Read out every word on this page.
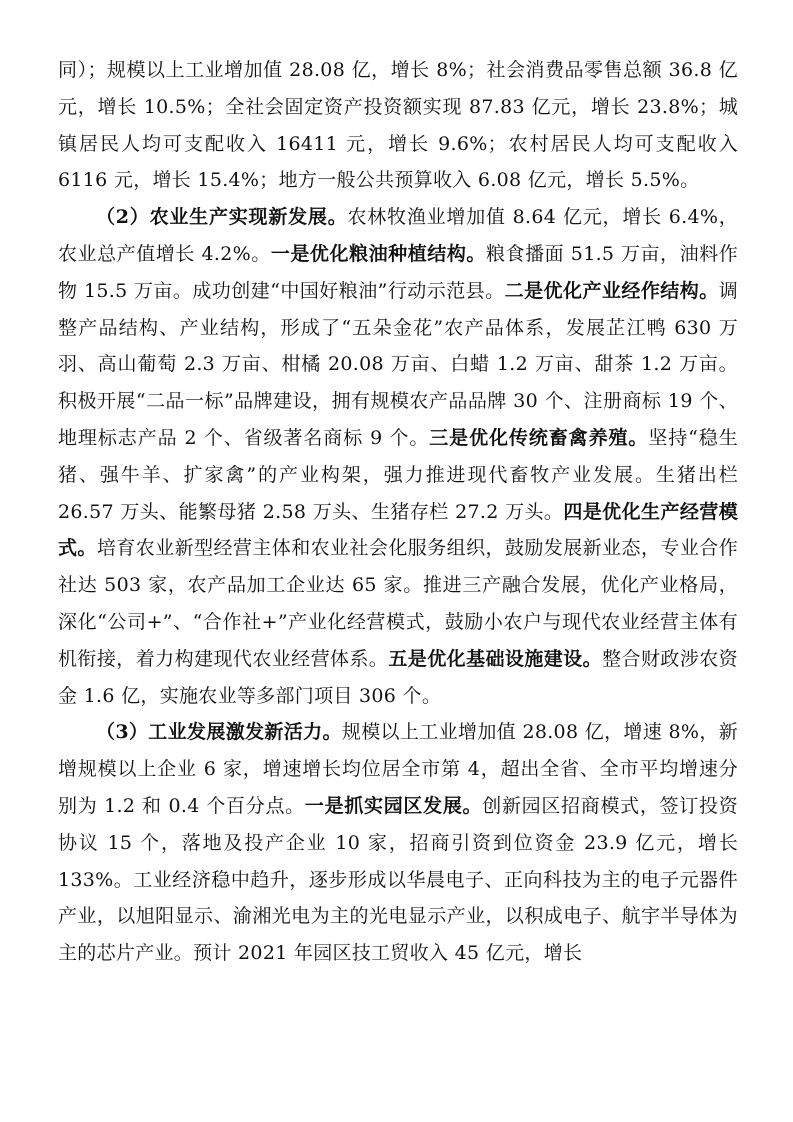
同）；规模以上工业增加值 28.08 亿，增长 8%；社会消费品零售总额 36.8 亿元，增长 10.5%；全社会固定资产投资额实现 87.83 亿元，增长 23.8%；城镇居民人均可支配收入 16411 元，增长 9.6%；农村居民人均可支配收入 6116 元，增长 15.4%；地方一般公共预算收入 6.08 亿元，增长 5.5%。

（2）农业生产实现新发展。农林牧渔业增加值 8.64 亿元，增长 6.4%，农业总产值增长 4.2%。一是优化粮油种植结构。粮食播面 51.5 万亩，油料作物 15.5 万亩。成功创建“中国好粮油”行动示范县。二是优化产业经作结构。调整产品结构、产业结构，形成了“五朵金花”农产品体系，发展芷江鸭 630 万羽、高山葡萄 2.3 万亩、柑橘 20.08 万亩、白蜡 1.2 万亩、甜茶 1.2 万亩。积极开展“二品一标”品牌建设，拥有规模农产品品牌 30 个、注册商标 19 个、地理标志产品 2 个、省级著名商标 9 个。三是优化传统畜禽养殖。坚持“稳生猪、强牛羊、扩家禽”的产业构架，强力推进现代畜牧产业发展。生猪出栏 26.57 万头、能繁母猪 2.58 万头、生猪存栏 27.2 万头。四是优化生产经营模式。培育农业新型经营主体和农业社会化服务组织，鼓励发展新业态，专业合作社达 503 家，农产品加工企业达 65 家。推进三产融合发展，优化产业格局，深化“公司+”、“合作社+”产业化经营模式，鼓励小农户与现代农业经营主体有机衔接，着力构建现代农业经营体系。五是优化基础设施建设。整合财政涉农资金 1.6 亿，实施农业等多部门项目 306 个。

（3）工业发展激发新活力。规模以上工业增加值 28.08 亿，增速 8%，新增规模以上企业 6 家，增速增长均位居全市第 4，超出全省、全市平均增速分别为 1.2 和 0.4 个百分点。一是抓实园区发展。创新园区招商模式，签订投资协议 15 个，落地及投产企业 10 家，招商引资到位资金 23.9 亿元，增长 133%。工业经济稳中趋升，逐步形成以华晨电子、正向科技为主的电子元器件产业，以旭阳显示、渝湘光电为主的光电显示产业，以积成电子、航宇半导体为主的芯片产业。预计 2021 年园区技工贸收入 45 亿元，增长
